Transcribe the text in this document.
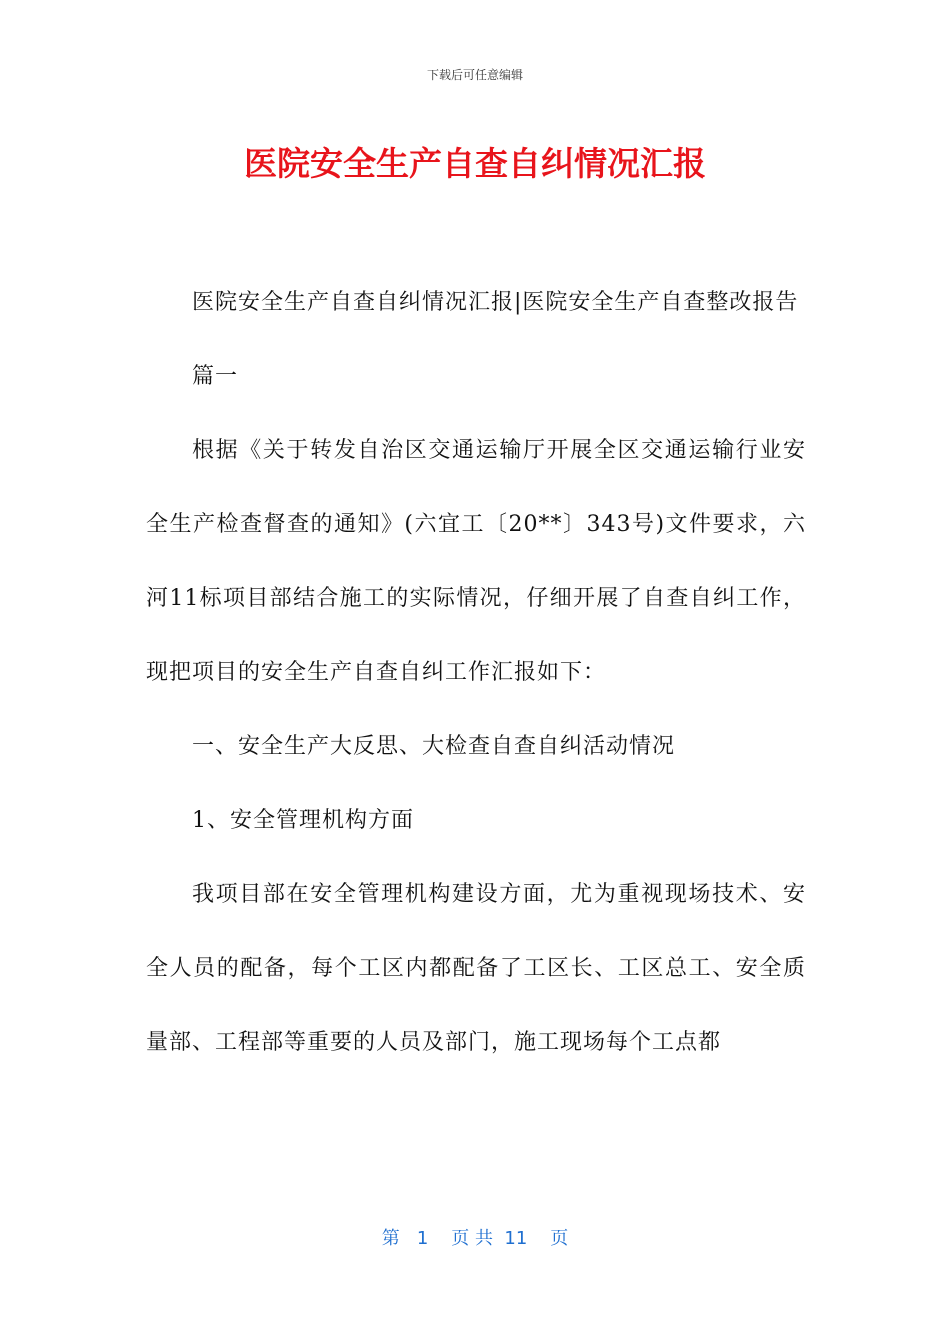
下载后可任意编辑
医院安全生产自查自纠情况汇报

医院安全生产自查自纠情况汇报|医院安全生产自查整改报告

篇一

根据《关于转发自治区交通运输厅开展全区交通运输行业安全生产检查督查的通知》(六宜工〔20**〕343号)文件要求，六河11标项目部结合施工的实际情况，仔细开展了自查自纠工作，现把项目的安全生产自查自纠工作汇报如下：

一、安全生产大反思、大检查自查自纠活动情况

1、安全管理机构方面

我项目部在安全管理机构建设方面，尤为重视现场技术、安全人员的配备，每个工区内都配备了工区长、工区总工、安全质量部、工程部等重要的人员及部门，施工现场每个工点都

第   1    页 共  11    页
